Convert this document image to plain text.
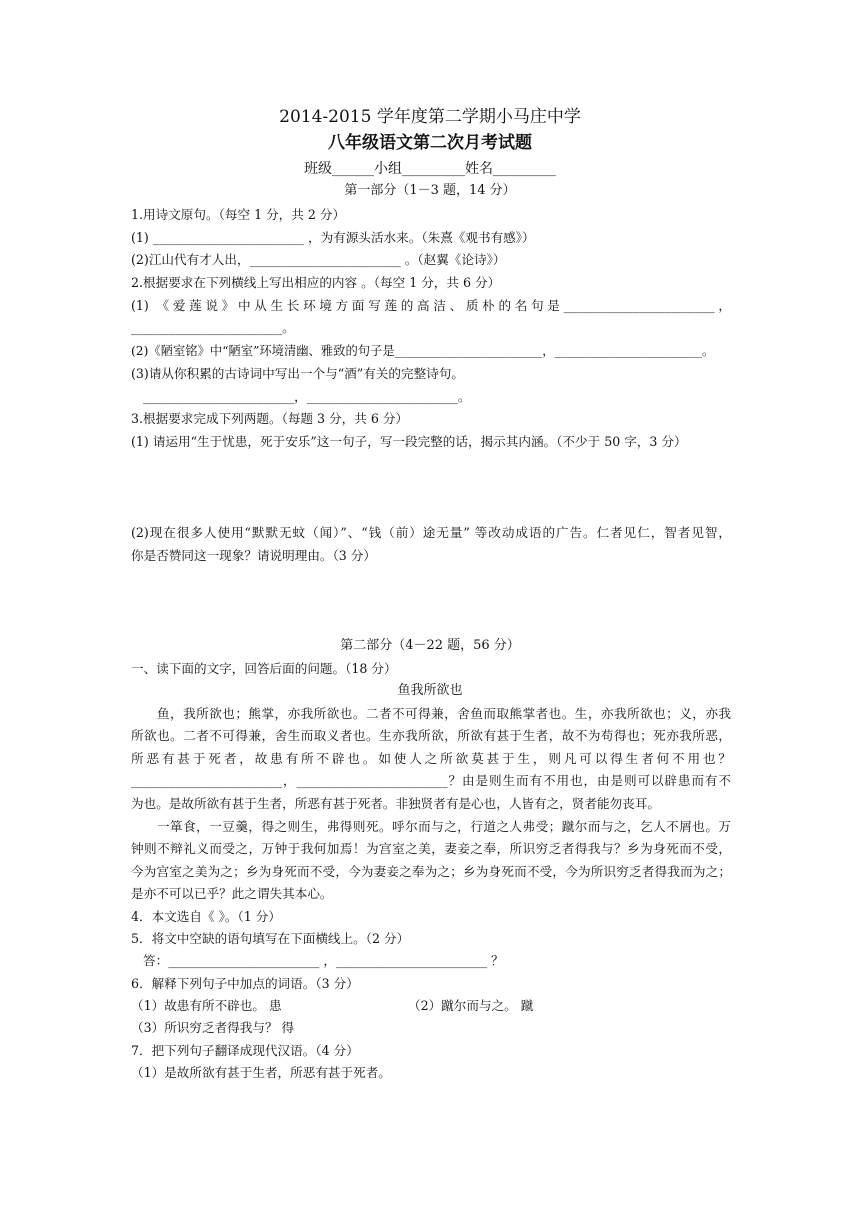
2014-2015 学年度第二学期小马庄中学
八年级语文第二次月考试题
班级______小组_________姓名_________
第一部分（1－3 题，14 分）
1.用诗文原句。（每空 1 分，共 2 分）
(1) ________________________ ，为有源头活水来。（朱熹《观书有感》）
(2)江山代有才人出，________________________ 。（赵翼《论诗》）
2.根据要求在下列横线上写出相应的内容 。（每空 1 分，共 6 分）
(1) 《爱莲说》中从生长环境方面写莲的高洁、质朴的名句是________________________，
________________________。
(2)《陋室铭》中“陋室”环境清幽、雅致的句子是________________________，________________________。
(3)请从你积累的古诗词中写出一个与“酒”有关的完整诗句。
________________________，________________________。
3.根据要求完成下列两题。（每题 3 分，共 6 分）
(1) 请运用“生于忧患，死于安乐”这一句子，写一段完整的话，揭示其内涵。（不少于 50 字，3 分）
(2)现在很多人使用“默默无蚊（闻）”、“钱（前）途无量” 等改动成语的广告。仁者见仁，智者见智，
你是否赞同这一现象？请说明理由。（3 分）
第二部分（4－22 题，56 分）
一、读下面的文字，回答后面的问题。（18 分）
鱼我所欲也
鱼，我所欲也；熊掌，亦我所欲也。二者不可得兼，舍鱼而取熊掌者也。生，亦我所欲也；义，亦我
所欲也。二者不可得兼，舍生而取义者也。生亦我所欲，所欲有甚于生者，故不为苟得也；死亦我所恶，
所恶有甚于死者，故患有所不辟也。如使人之所欲莫甚于生，则凡可以得生者何不用也？
________________________，________________________？由是则生而有不用也，由是则可以辟患而有不
为也。是故所欲有甚于生者，所恶有甚于死者。非独贤者有是心也，人皆有之，贤者能勿丧耳。
一箪食，一豆羹，得之则生，弗得则死。呼尔而与之，行道之人弗受；蹴尔而与之，乞人不屑也。万
钟则不辩礼义而受之，万钟于我何加焉！为宫室之美，妻妾之奉，所识穷乏者得我与？乡为身死而不受，
今为宫室之美为之；乡为身死而不受，今为妻妾之奉为之；乡为身死而不受，今为所识穷乏者得我而为之；
是亦不可以已乎？此之谓失其本心。
4．本文选自《 》。（1 分）
5．将文中空缺的语句填写在下面横线上。（2 分）
答：________________________ ，________________________ ？
6．解释下列句子中加点的词语。（3 分）
（1）故患有所不辟也。 患	（2）蹴尔而与之。 蹴
（3）所识穷乏者得我与？ 得
7．把下列句子翻译成现代汉语。（4 分）
（1）是故所欲有甚于生者，所恶有甚于死者。
